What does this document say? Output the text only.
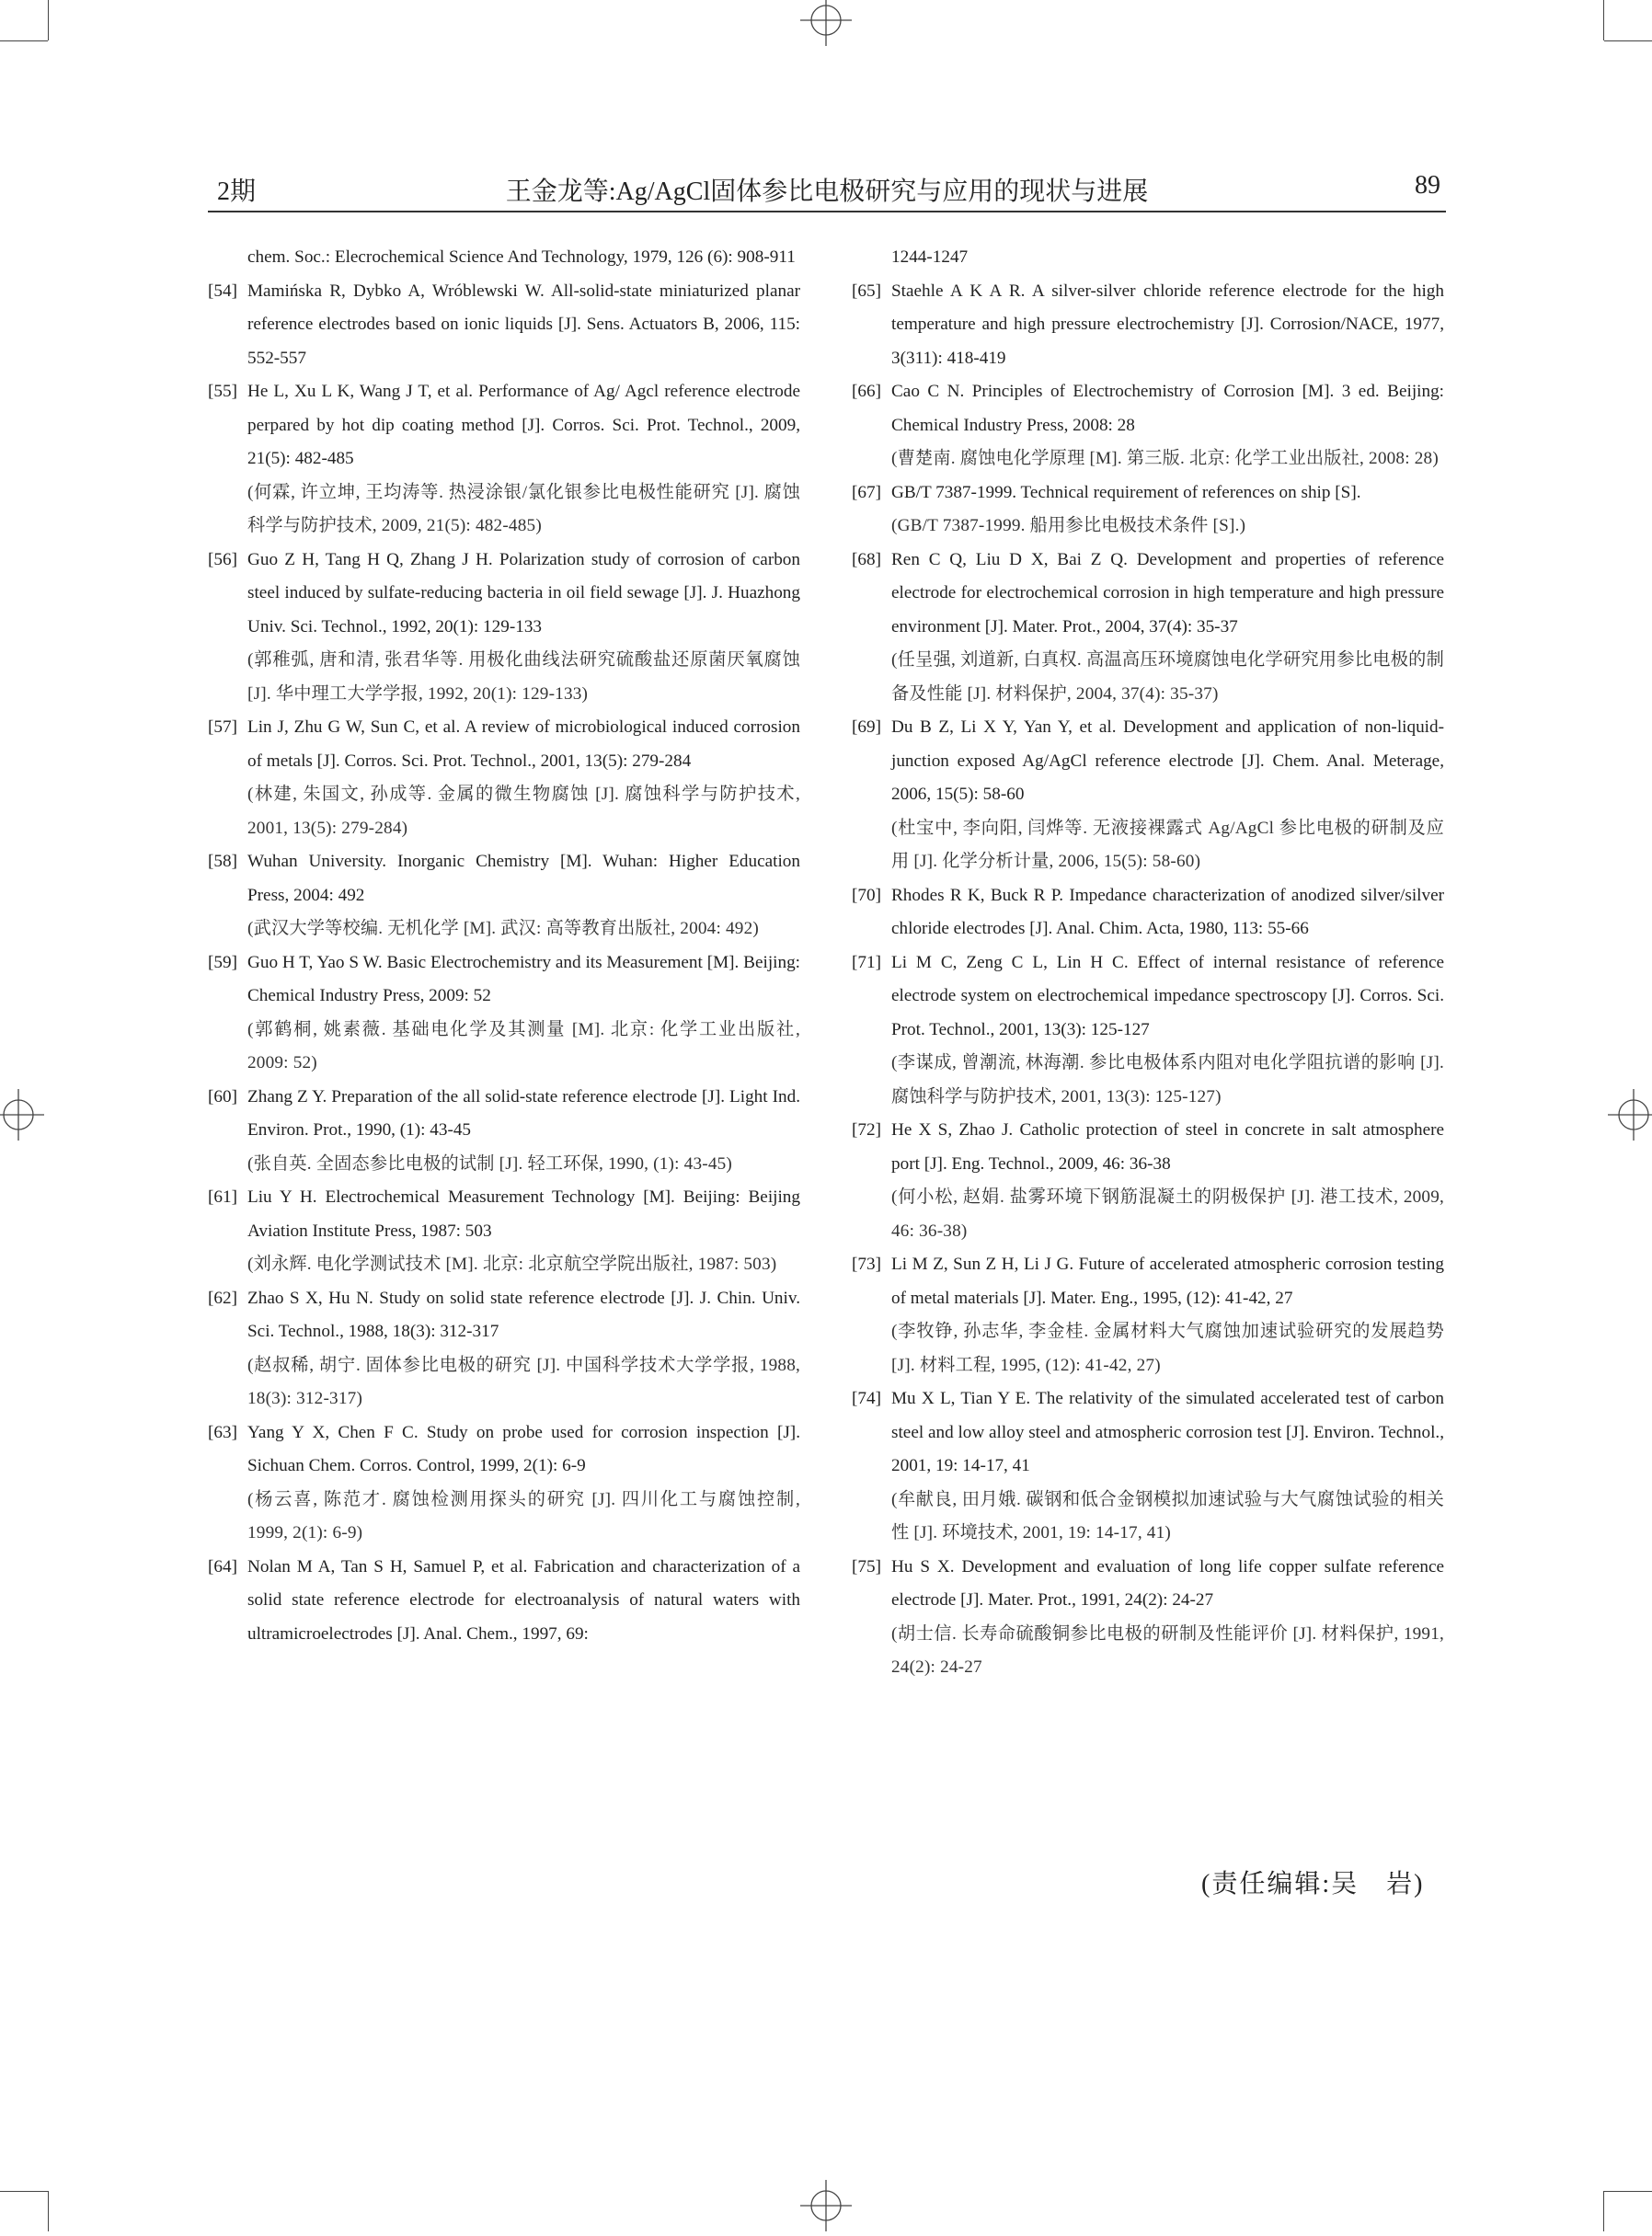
2期	王金龙等:Ag/AgCl固体参比电极研究与应用的现状与进展	89
chem. Soc.: Elecrochemical Science And Technology, 1979, 126 (6): 908-911
[54] Mamińska R, Dybko A, Wróblewski W. All-solid-state miniaturized planar reference electrodes based on ionic liquids [J]. Sens. Actuators B, 2006, 115: 552-557
[55] He L, Xu L K, Wang J T, et al. Performance of Ag/ Agcl reference electrode perpared by hot dip coating method [J]. Corros. Sci. Prot. Technol., 2009, 21(5): 482-485
(何霖, 许立坤, 王均涛等. 热浸涂银/氯化银参比电极性能研究 [J]. 腐蚀科学与防护技术, 2009, 21(5): 482-485)
[56] Guo Z H, Tang H Q, Zhang J H. Polarization study of corrosion of carbon steel induced by sulfate-reducing bacteria in oil field sewage [J]. J. Huazhong Univ. Sci. Technol., 1992, 20(1): 129-133
(郭稚弧, 唐和清, 张君华等. 用极化曲线法研究硫酸盐还原菌厌氧腐蚀 [J]. 华中理工大学学报, 1992, 20(1): 129-133)
[57] Lin J, Zhu G W, Sun C, et al. A review of microbiological induced corrosion of metals [J]. Corros. Sci. Prot. Technol., 2001, 13(5): 279-284
(林建, 朱国文, 孙成等. 金属的微生物腐蚀 [J]. 腐蚀科学与防护技术, 2001, 13(5): 279-284)
[58] Wuhan University. Inorganic Chemistry [M]. Wuhan: Higher Education Press, 2004: 492
(武汉大学等校编. 无机化学 [M]. 武汉: 高等教育出版社, 2004: 492)
[59] Guo H T, Yao S W. Basic Electrochemistry and its Measurement [M]. Beijing: Chemical Industry Press, 2009: 52
(郭鹤桐, 姚素薇. 基础电化学及其测量 [M]. 北京: 化学工业出版社, 2009: 52)
[60] Zhang Z Y. Preparation of the all solid-state reference electrode [J]. Light Ind. Environ. Prot., 1990, (1): 43-45
(张自英. 全固态参比电极的试制 [J]. 轻工环保, 1990, (1): 43-45)
[61] Liu Y H. Electrochemical Measurement Technology [M]. Beijing: Beijing Aviation Institute Press, 1987: 503
(刘永辉. 电化学测试技术 [M]. 北京: 北京航空学院出版社, 1987: 503)
[62] Zhao S X, Hu N. Study on solid state reference electrode [J]. J. Chin. Univ. Sci. Technol., 1988, 18(3): 312-317
(赵叔稀, 胡宁. 固体参比电极的研究 [J]. 中国科学技术大学学报, 1988, 18(3): 312-317)
[63] Yang Y X, Chen F C. Study on probe used for corrosion inspection [J]. Sichuan Chem. Corros. Control, 1999, 2(1): 6-9
(杨云喜, 陈范才. 腐蚀检测用探头的研究 [J]. 四川化工与腐蚀控制, 1999, 2(1): 6-9)
[64] Nolan M A, Tan S H, Samuel P, et al. Fabrication and characterization of a solid state reference electrode for electroanalysis of natural waters with ultramicroelectrodes [J]. Anal. Chem., 1997, 69:
1244-1247
[65] Staehle A K A R. A silver-silver chloride reference electrode for the high temperature and high pressure electrochemistry [J]. Corrosion/NACE, 1977, 3(311): 418-419
[66] Cao C N. Principles of Electrochemistry of Corrosion [M]. 3 ed. Beijing: Chemical Industry Press, 2008: 28
(曹楚南. 腐蚀电化学原理 [M]. 第三版. 北京: 化学工业出版社, 2008: 28)
[67] GB/T 7387-1999. Technical requirement of references on ship [S].
(GB/T 7387-1999. 船用参比电极技术条件 [S].)
[68] Ren C Q, Liu D X, Bai Z Q. Development and properties of reference electrode for electrochemical corrosion in high temperature and high pressure environment [J]. Mater. Prot., 2004, 37(4): 35-37
(任呈强, 刘道新, 白真权. 高温高压环境腐蚀电化学研究用参比电极的制备及性能 [J]. 材料保护, 2004, 37(4): 35-37)
[69] Du B Z, Li X Y, Yan Y, et al. Development and application of non-liquid-junction exposed Ag/AgCl reference electrode [J]. Chem. Anal. Meterage, 2006, 15(5): 58-60
(杜宝中, 李向阳, 闫烨等. 无液接裸露式 Ag/AgCl 参比电极的研制及应用 [J]. 化学分析计量, 2006, 15(5): 58-60)
[70] Rhodes R K, Buck R P. Impedance characterization of anodized silver/silver chloride electrodes [J]. Anal. Chim. Acta, 1980, 113: 55-66
[71] Li M C, Zeng C L, Lin H C. Effect of internal resistance of reference electrode system on electrochemical impedance spectroscopy [J]. Corros. Sci. Prot. Technol., 2001, 13(3): 125-127
(李谋成, 曾潮流, 林海潮. 参比电极体系内阻对电化学阻抗谱的影响 [J]. 腐蚀科学与防护技术, 2001, 13(3): 125-127)
[72] He X S, Zhao J. Catholic protection of steel in concrete in salt atmosphere port [J]. Eng. Technol., 2009, 46: 36-38
(何小松, 赵娟. 盐雾环境下钢筋混凝土的阴极保护 [J]. 港工技术, 2009, 46: 36-38)
[73] Li M Z, Sun Z H, Li J G. Future of accelerated atmospheric corrosion testing of metal materials [J]. Mater. Eng., 1995, (12): 41-42, 27
(李牧铮, 孙志华, 李金桂. 金属材料大气腐蚀加速试验研究的发展趋势 [J]. 材料工程, 1995, (12): 41-42, 27)
[74] Mu X L, Tian Y E. The relativity of the simulated accelerated test of carbon steel and low alloy steel and atmospheric corrosion test [J]. Environ. Technol., 2001, 19: 14-17, 41
(牟献良, 田月娥. 碳钢和低合金钢模拟加速试验与大气腐蚀试验的相关性 [J]. 环境技术, 2001, 19: 14-17, 41)
[75] Hu S X. Development and evaluation of long life copper sulfate reference electrode [J]. Mater. Prot., 1991, 24(2): 24-27
(胡士信. 长寿命硫酸铜参比电极的研制及性能评价 [J]. 材料保护, 1991, 24(2): 24-27
(责任编辑:吴　岩)
